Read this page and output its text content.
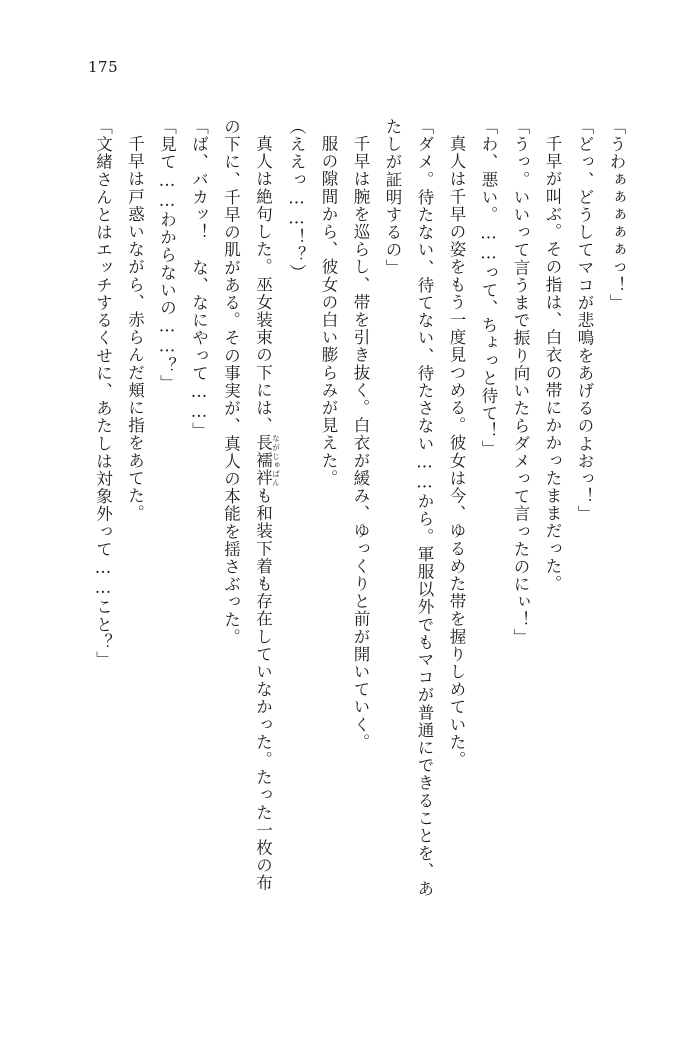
175

「うわぁぁぁぁぁっ！」

「どっ、どうしてマコが悲鳴をあげるのよおっ！」

千早が叫ぶ。その指は、白衣の帯にかかったままだった。

「うっ。いいって言うまで振り向いたらダメって言ったのにぃ！」

「わ、悪い。……って、ちょっと待て！」

真人は千早の姿をもう一度見つめる。彼女は今、ゆるめた帯を握りしめていた。

「ダメ。待たない、待てない、待たさない……から。軍服以外でもマコが普通にできることを、あたしが証明するの」

千早は腕を巡らし、帯を引き抜く。白衣が緩み、ゆっくりと前が開いていく。

服の隙間から、彼女の白い膨らみが見えた。

（ええっ……！？）

真人は絶句した。巫女装束の下には、長襦袢 ながじゅばんも和装下着も存在していなかった。たった一枚の布の下に、千早の肌がある。その事実が、真人の本能を揺さぶった。

「ば、バカッ！　な、なにやって……」

「見て……わからないの……？」

千早は戸惑いながら、赤らんだ頬に指をあてた。

「文緒さんとはエッチするくせに、あたしは対象外って……こと？」
